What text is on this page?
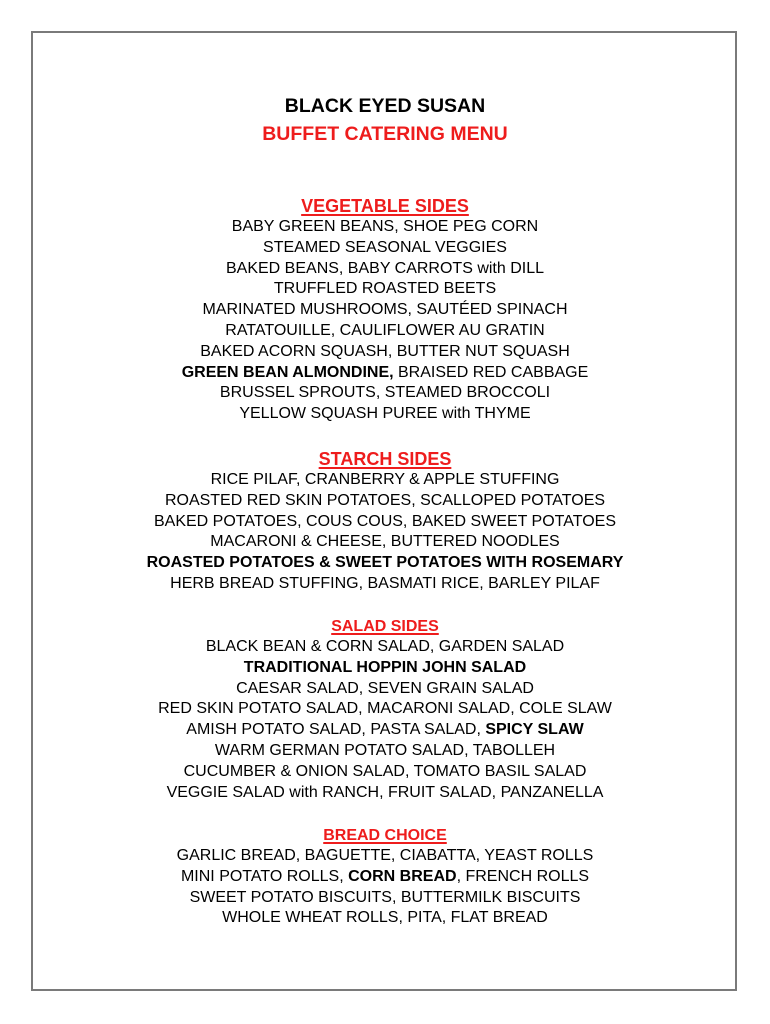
BLACK EYED SUSAN
BUFFET CATERING MENU
VEGETABLE SIDES
BABY GREEN BEANS, SHOE PEG CORN
STEAMED SEASONAL VEGGIES
BAKED BEANS, BABY CARROTS with DILL
TRUFFLED ROASTED BEETS
MARINATED MUSHROOMS, SAUTÉED SPINACH
RATATOUILLE, CAULIFLOWER AU GRATIN
BAKED ACORN SQUASH, BUTTER NUT SQUASH
GREEN BEAN ALMONDINE, BRAISED RED CABBAGE
BRUSSEL SPROUTS, STEAMED BROCCOLI
YELLOW SQUASH PUREE with THYME
STARCH SIDES
RICE PILAF, CRANBERRY & APPLE STUFFING
ROASTED RED SKIN POTATOES, SCALLOPED POTATOES
BAKED POTATOES, COUS COUS, BAKED SWEET POTATOES
MACARONI & CHEESE, BUTTERED NOODLES
ROASTED POTATOES & SWEET POTATOES WITH ROSEMARY
HERB BREAD STUFFING, BASMATI RICE, BARLEY PILAF
SALAD SIDES
BLACK BEAN & CORN SALAD, GARDEN SALAD
TRADITIONAL HOPPIN JOHN SALAD
CAESAR SALAD, SEVEN GRAIN SALAD
RED SKIN POTATO SALAD, MACARONI SALAD, COLE SLAW
AMISH POTATO SALAD, PASTA SALAD, SPICY SLAW
WARM GERMAN POTATO SALAD, TABOLLEH
CUCUMBER & ONION SALAD, TOMATO BASIL SALAD
VEGGIE SALAD with RANCH, FRUIT SALAD, PANZANELLA
BREAD CHOICE
GARLIC BREAD, BAGUETTE, CIABATTA, YEAST ROLLS
MINI POTATO ROLLS, CORN BREAD, FRENCH ROLLS
SWEET POTATO BISCUITS, BUTTERMILK BISCUITS
WHOLE WHEAT ROLLS, PITA, FLAT BREAD
